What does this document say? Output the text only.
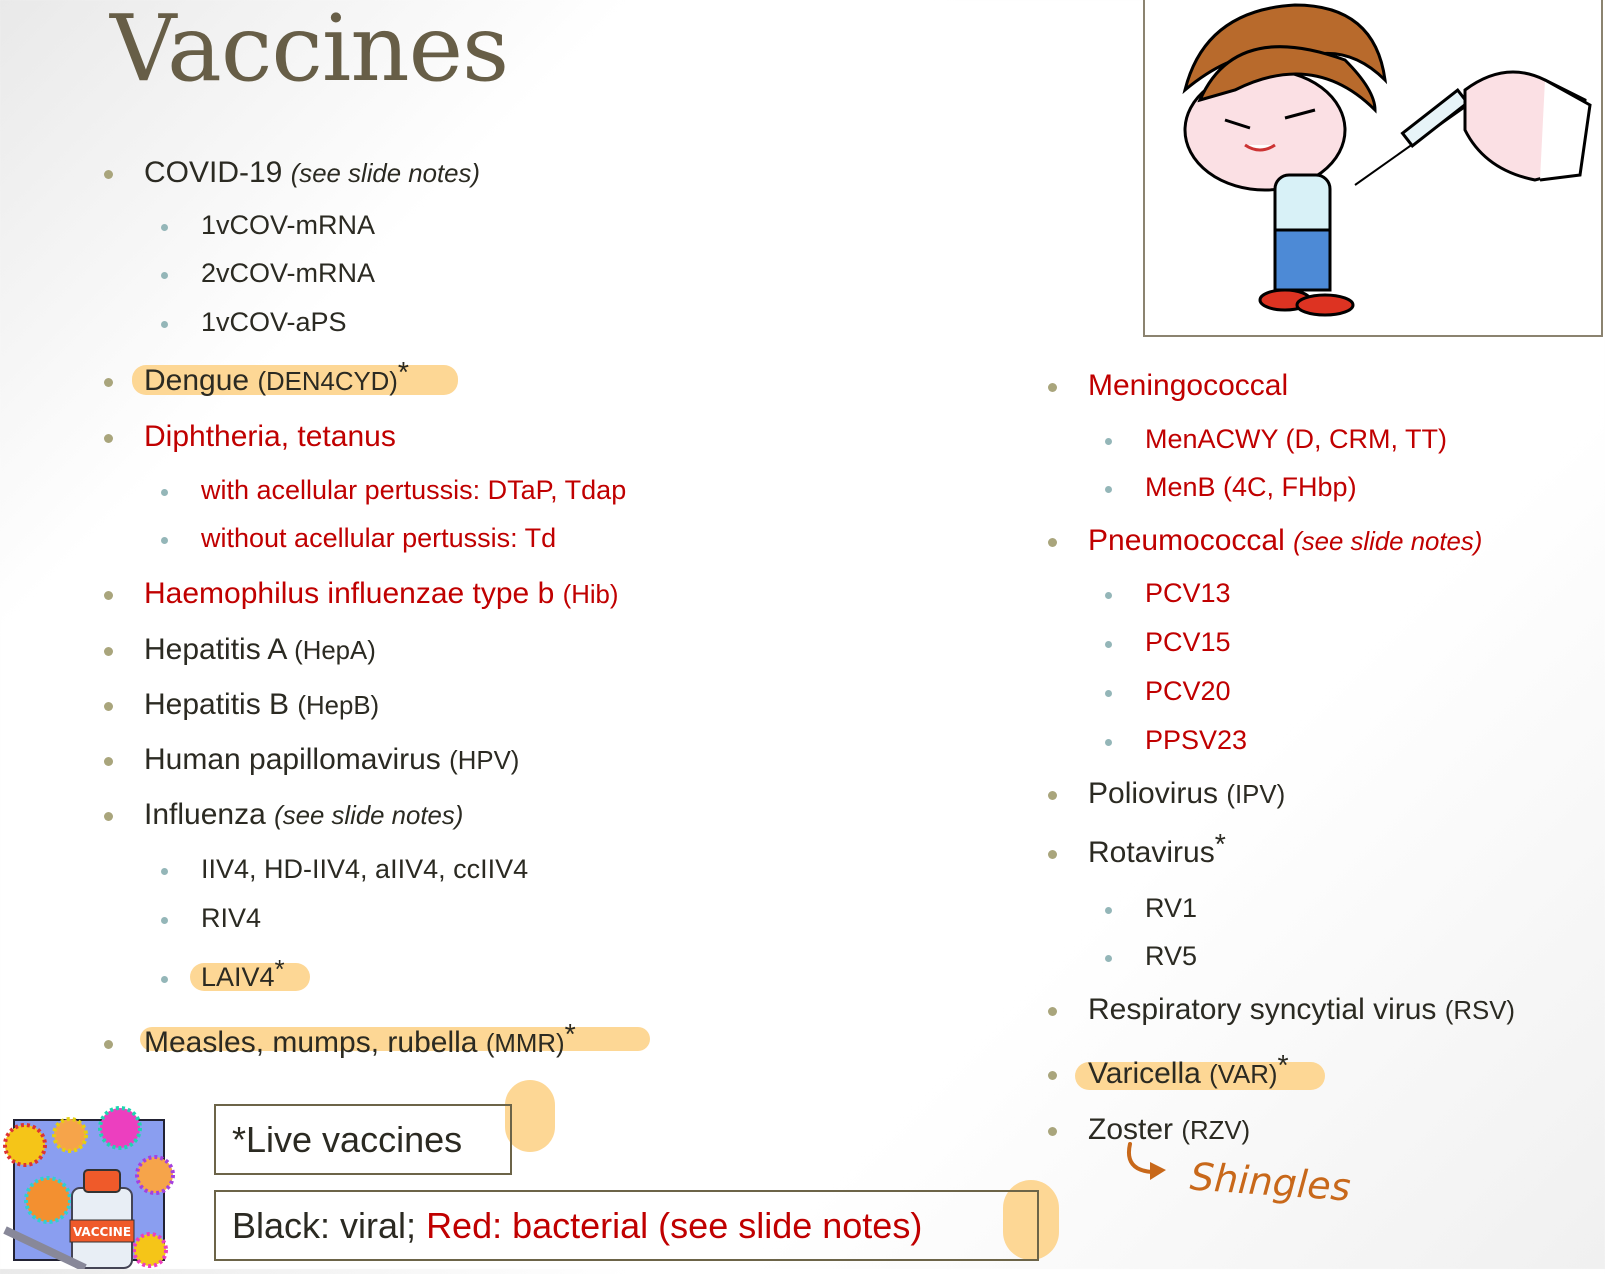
Vaccines
COVID-19 (see slide notes)
1vCOV-mRNA
2vCOV-mRNA
1vCOV-aPS
Dengue (DEN4CYD)*
Diphtheria, tetanus
with acellular pertussis: DTaP, Tdap
without acellular pertussis: Td
Haemophilus influenzae type b (Hib)
Hepatitis A (HepA)
Hepatitis B (HepB)
Human papillomavirus (HPV)
Influenza (see slide notes)
IIV4, HD-IIV4, aIIV4, ccIIV4
RIV4
LAIV4*
Measles, mumps, rubella (MMR)*
Meningococcal
MenACWY (D, CRM, TT)
MenB (4C, FHbp)
Pneumococcal (see slide notes)
PCV13
PCV15
PCV20
PPSV23
Poliovirus (IPV)
Rotavirus*
RV1
RV5
Respiratory syncytial virus (RSV)
Varicella (VAR)*
Zoster (RZV)
Shingles
VACCINE
*Live vaccines
Black: viral;
Red: bacterial (see slide notes)
